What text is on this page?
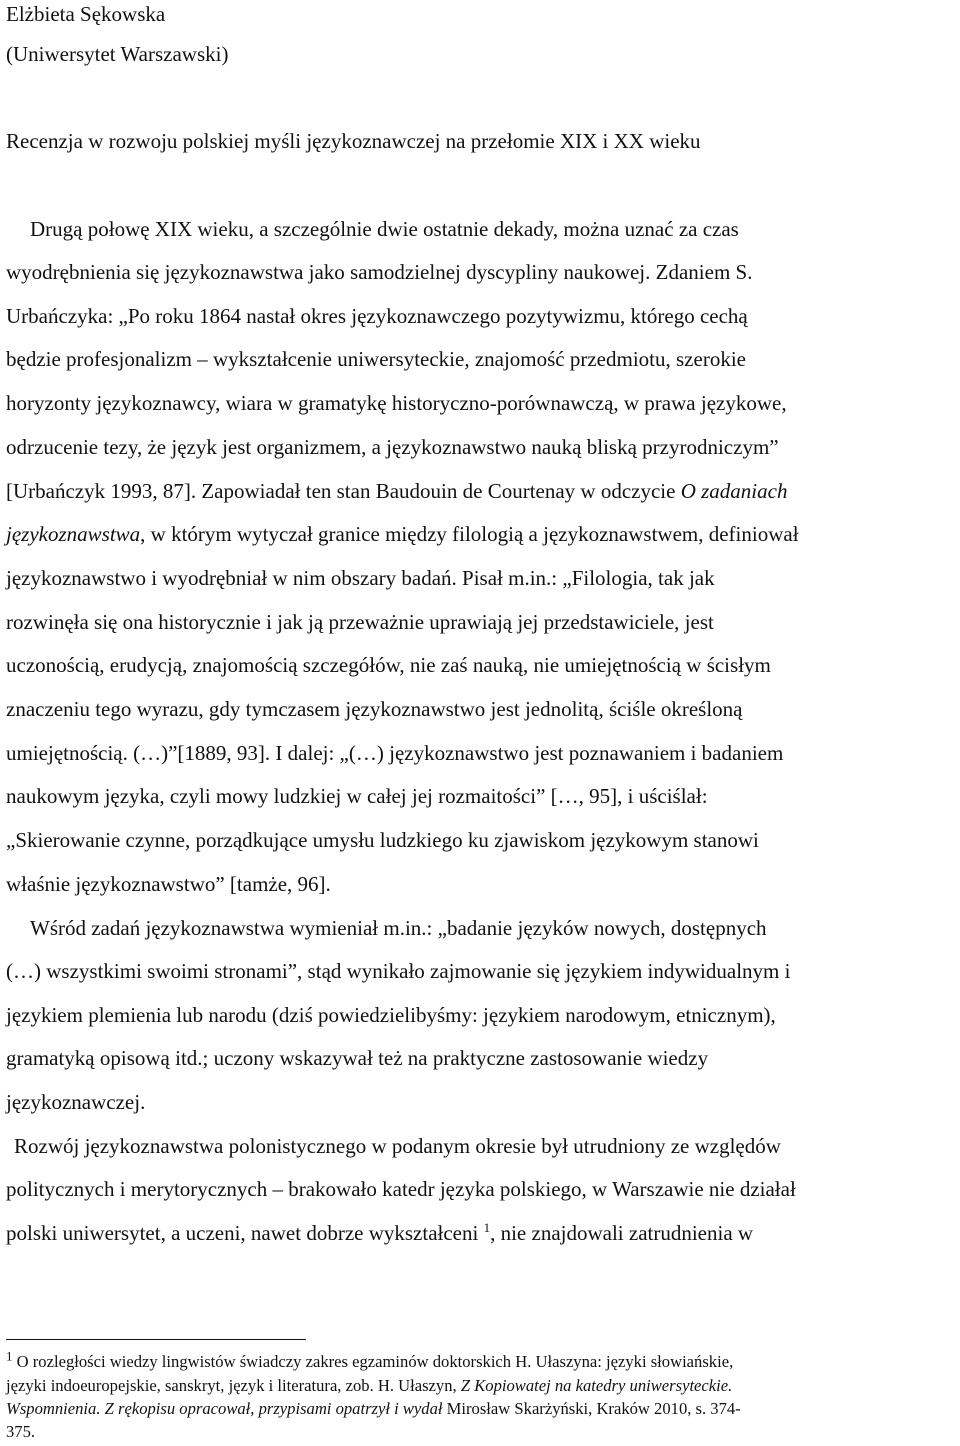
Elżbieta Sękowska
(Uniwersytet Warszawski)
Recenzja w rozwoju polskiej myśli językoznawczej na przełomie XIX i XX wieku
Drugą połowę XIX wieku, a szczególnie dwie ostatnie dekady, można uznać za czas
wyodrębnienia się językoznawstwa jako samodzielnej dyscypliny naukowej. Zdaniem S.
Urbańczyka: „Po roku 1864 nastał okres językoznawczego pozytywizmu, którego cechą
będzie profesjonalizm – wykształcenie uniwersyteckie, znajomość przedmiotu, szerokie
horyzonty językoznawcy, wiara w gramatykę historyczno-porównawczą, w prawa językowe,
odrzucenie tezy, że język jest organizmem, a językoznawstwo nauką bliską przyrodniczym”
[Urbańczyk 1993, 87]. Zapowiadał ten stan Baudouin de Courtenay w odczycie O zadaniach
językoznawstwa, w którym wytyczał granice między filologią a językoznawstwem, definiował
językoznawstwo i wyodrębniał w nim obszary badań. Pisał m.in.: „Filologia, tak jak
rozwinęła się ona historycznie i jak ją przeważnie uprawiają jej przedstawiciele, jest
uczonością, erudycją, znajomością szczegółów, nie zaś nauką, nie umiejętnością w ścisłym
znaczeniu tego wyrazu, gdy tymczasem językoznawstwo jest jednolitą, ściśle określoną
umiejętnością. (…)”[1889, 93]. I dalej: „(…) językoznawstwo jest poznawaniem i badaniem
naukowym języka, czyli mowy ludzkiej w całej jej rozmaitości” […, 95], i uściślał:
„Skierowanie czynne, porządkujące umysłu ludzkiego ku zjawiskom językowym stanowi
właśnie językoznawstwo” [tamże, 96].
Wśród zadań językoznawstwa wymieniał m.in.: „badanie języków nowych, dostępnych
(…) wszystkimi swoimi stronami”, stąd wynikało zajmowanie się językiem indywidualnym i
językiem plemienia lub narodu (dziś powiedzielibyśmy: językiem narodowym, etnicznym),
gramatyką opisową itd.; uczony wskazywał też na praktyczne zastosowanie wiedzy
językoznawczej.
Rozwój językoznawstwa polonistycznego w podanym okresie był utrudniony ze względów
politycznych i merytorycznych – brakowało katedr języka polskiego, w Warszawie nie działał
polski uniwersytet, a uczeni, nawet dobrze wykształceni $^1$, nie znajdowali zatrudnienia w
$^1$ O rozległości wiedzy lingwistów świadczy zakres egzaminów doktorskich H. Ułaszyna: języki słowiańskie,
języki indoeuropejskie, sanskryt, język i literatura, zob. H. Ułaszyn, Z Kopiowatej na katedry uniwersyteckie.
Wspomnienia. Z rękopisu opracował, przypisami opatrzył i wydał Mirosław Skarżyński, Kraków 2010, s. 374-
375.
